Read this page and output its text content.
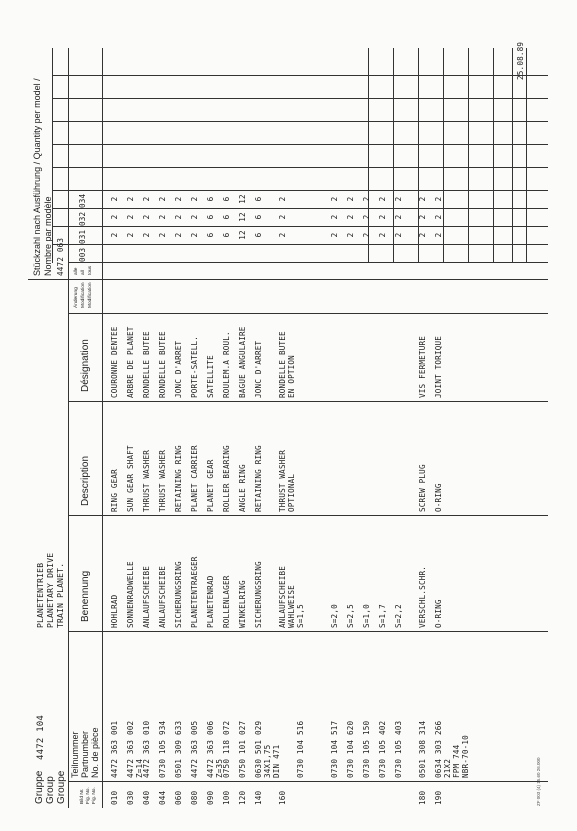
Gruppe Group Groupe
4472 104
PLANETENTRIEB PLANETARY DRIVE TRAIN PLANET.
Stückzahl nach Ausführung / Quantity per model / Nombre par modèle 4472 063
25.08.89
Bild Nr. Fig. No. Fig. No.
Teilnummer Partnumber No. de pièce
Benennung
Description
Désignation
Änderung Modification Modification
alle all tous
003
031
032
034
010
4472 363 001
HOHLRAD
RING GEAR
COURONNE DENTEE
2
2
2
030
4472 363 002 Z=14
SONNENRADWELLE
SUN GEAR SHAFT
ARBRE DE PLANET
2
2
2
040
4472 363 010
ANLAUFSCHEIBE
THRUST WASHER
RONDELLE BUTEE
2
2
2
044
0730 105 934
ANLAUFSCHEIBE
THRUST WASHER
RONDELLE BUTEE
2
2
2
060
0501 309 633
SICHERUNGSRING
RETAINING RING
JONC D'ARRET
2
2
2
080
4472 363 005
PLANETENTRAEGER
PLANET CARRIER
PORTE-SATELL.
2
2
2
090
4472 363 006 Z=35
PLANETENRAD
PLANET GEAR
SATELLITE
6
6
6
100
0750 118 072
ROLLENLAGER
ROLLER BEARING
ROULEM.A ROUL.
6
6
6
120
0750 101 027
WINKELRING
ANGLE RING
BAGUE ANGULAIRE
12
12
12
140
0630 501 029 34X1,75 DIN 471
SICHERUNGSRING
RETAINING RING
JONC D'ARRET
6
6
6
160
0730 104 516
ANLAUFSCHEIBE WAHLWEISE S=1,5
THRUST WASHER OPTIONAL
RONDELLE BUTEE EN OPTION
2
2
2
0730 104 517
S=2,0
2
2
2
0730 104 620
S=2,5
2
2
2
0730 105 150
S=1,0
2
2
2
0730 105 402
S=1,7
2
2
2
0730 105 403
S=2,2
2
2
2
180
0501 308 314
VERSCHL.SCHR.
SCREW PLUG
VIS FERMETURE
2
2
2
190
0634 303 266 21X2 FPM 744 NBR-70-10
O-RING
O-RING
JOINT TORIQUE
2
2
2
ZF 003 (4) 15.60 26.000
